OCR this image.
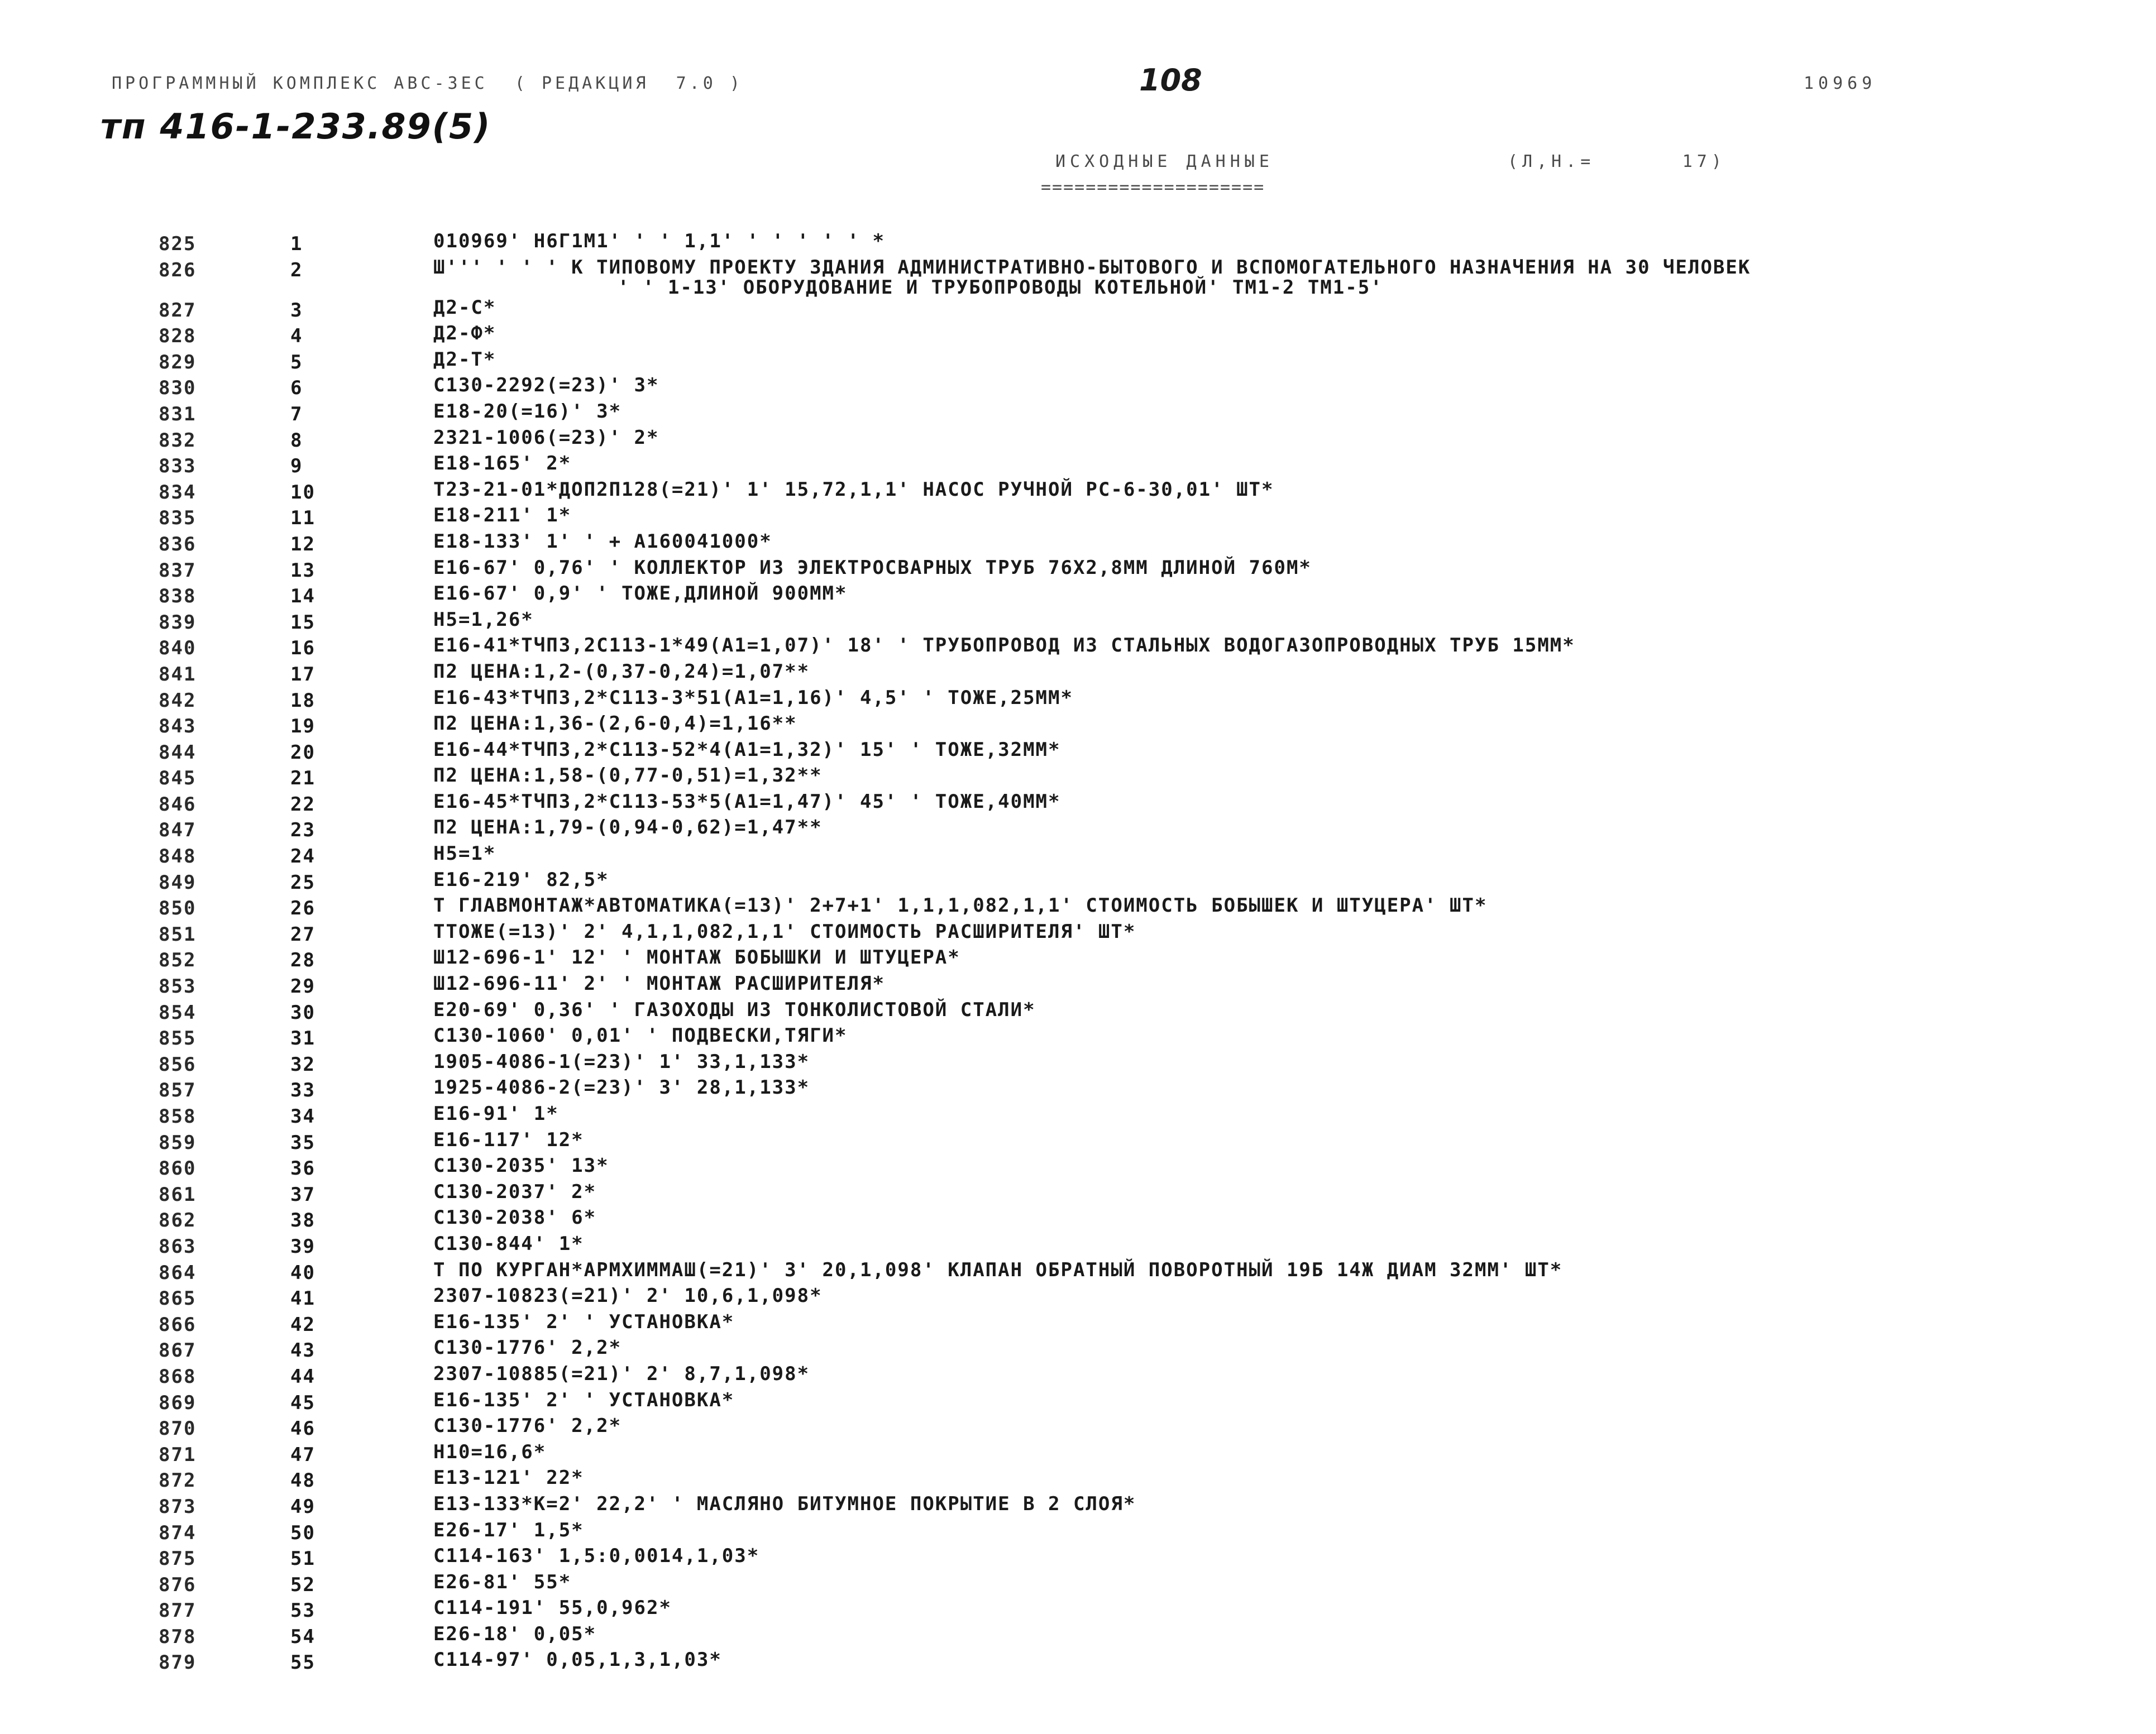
ПРОГРАММНЫЙ КОМПЛЕКС АВС-3ЕС  ( РЕДАКЦИЯ  7.0 )	108	10969
тп 416-1-233.89(5)
ИСХОДНЫЕ ДАННЫЕ	(Л,Н.=      17)
====================
825	1	010969' Н6Г1М1' ' ' 1,1' ' ' ' ' ' *
826	2	Ш''' ' ' ' К ТИПОВОМУ ПРОЕКТУ ЗДАНИЯ АДМИНИСТРАТИВНО-БЫТОВОГО И ВСПОМОГАТЕЛЬНОГО НАЗНАЧЕНИЯ НА 30 ЧЕЛОВЕК
' ' 1-13' ОБОРУДОВАНИЕ И ТРУБОПРОВОДЫ КОТЕЛЬНОЙ' ТМ1-2 ТМ1-5'
827	3	Д2-С*
828	4	Д2-Ф*
829	5	Д2-Т*
830	6	С130-2292(=23)' 3*
831	7	Е18-20(=16)' 3*
832	8	2321-1006(=23)' 2*
833	9	Е18-165' 2*
834	10	Т23-21-01*ДОП2П128(=21)' 1' 15,72,1,1' НАСОС РУЧНОЙ РС-6-30,01' ШТ*
835	11	Е18-211' 1*
836	12	Е18-133' 1' ' + А160041000*
837	13	Е16-67' 0,76' ' КОЛЛЕКТОР ИЗ ЭЛЕКТРОСВАРНЫХ ТРУБ 76Х2,8ММ ДЛИНОЙ 760М*
838	14	Е16-67' 0,9' ' ТОЖЕ,ДЛИНОЙ 900ММ*
839	15	Н5=1,26*
840	16	Е16-41*ТЧП3,2С113-1*49(А1=1,07)' 18' ' ТРУБОПРОВОД ИЗ СТАЛЬНЫХ ВОДОГАЗОПРОВОДНЫХ ТРУБ 15ММ*
841	17	П2 ЦЕНА:1,2-(0,37-0,24)=1,07**
842	18	Е16-43*ТЧП3,2*С113-3*51(А1=1,16)' 4,5' ' ТОЖЕ,25ММ*
843	19	П2 ЦЕНА:1,36-(2,6-0,4)=1,16**
844	20	Е16-44*ТЧП3,2*С113-52*4(А1=1,32)' 15' ' ТОЖЕ,32ММ*
845	21	П2 ЦЕНА:1,58-(0,77-0,51)=1,32**
846	22	Е16-45*ТЧП3,2*С113-53*5(А1=1,47)' 45' ' ТОЖЕ,40ММ*
847	23	П2 ЦЕНА:1,79-(0,94-0,62)=1,47**
848	24	Н5=1*
849	25	Е16-219' 82,5*
850	26	Т ГЛАВМОНТАЖ*АВТОМАТИКА(=13)' 2+7+1' 1,1,1,082,1,1' СТОИМОСТЬ БОБЫШЕК И ШТУЦЕРА' ШТ*
851	27	ТТОЖЕ(=13)' 2' 4,1,1,082,1,1' СТОИМОСТЬ РАСШИРИТЕЛЯ' ШТ*
852	28	Ш12-696-1' 12' ' МОНТАЖ БОБЫШКИ И ШТУЦЕРА*
853	29	Ш12-696-11' 2' ' МОНТАЖ РАСШИРИТЕЛЯ*
854	30	Е20-69' 0,36' ' ГАЗОХОДЫ ИЗ ТОНКОЛИСТОВОЙ СТАЛИ*
855	31	С130-1060' 0,01' ' ПОДВЕСКИ,ТЯГИ*
856	32	1905-4086-1(=23)' 1' 33,1,133*
857	33	1925-4086-2(=23)' 3' 28,1,133*
858	34	Е16-91' 1*
859	35	Е16-117' 12*
860	36	С130-2035' 13*
861	37	С130-2037' 2*
862	38	С130-2038' 6*
863	39	С130-844' 1*
864	40	Т ПО КУРГАН*АРМХИММАШ(=21)' 3' 20,1,098' КЛАПАН ОБРАТНЫЙ ПОВОРОТНЫЙ 19Б 14Ж ДИАМ 32ММ' ШТ*
865	41	2307-10823(=21)' 2' 10,6,1,098*
866	42	Е16-135' 2' ' УСТАНОВКА*
867	43	С130-1776' 2,2*
868	44	2307-10885(=21)' 2' 8,7,1,098*
869	45	Е16-135' 2' ' УСТАНОВКА*
870	46	С130-1776' 2,2*
871	47	Н10=16,6*
872	48	Е13-121' 22*
873	49	Е13-133*К=2' 22,2' ' МАСЛЯНО БИТУМНОЕ ПОКРЫТИЕ В 2 СЛОЯ*
874	50	Е26-17' 1,5*
875	51	С114-163' 1,5:0,0014,1,03*
876	52	Е26-81' 55*
877	53	С114-191' 55,0,962*
878	54	Е26-18' 0,05*
879	55	С114-97' 0,05,1,3,1,03*
